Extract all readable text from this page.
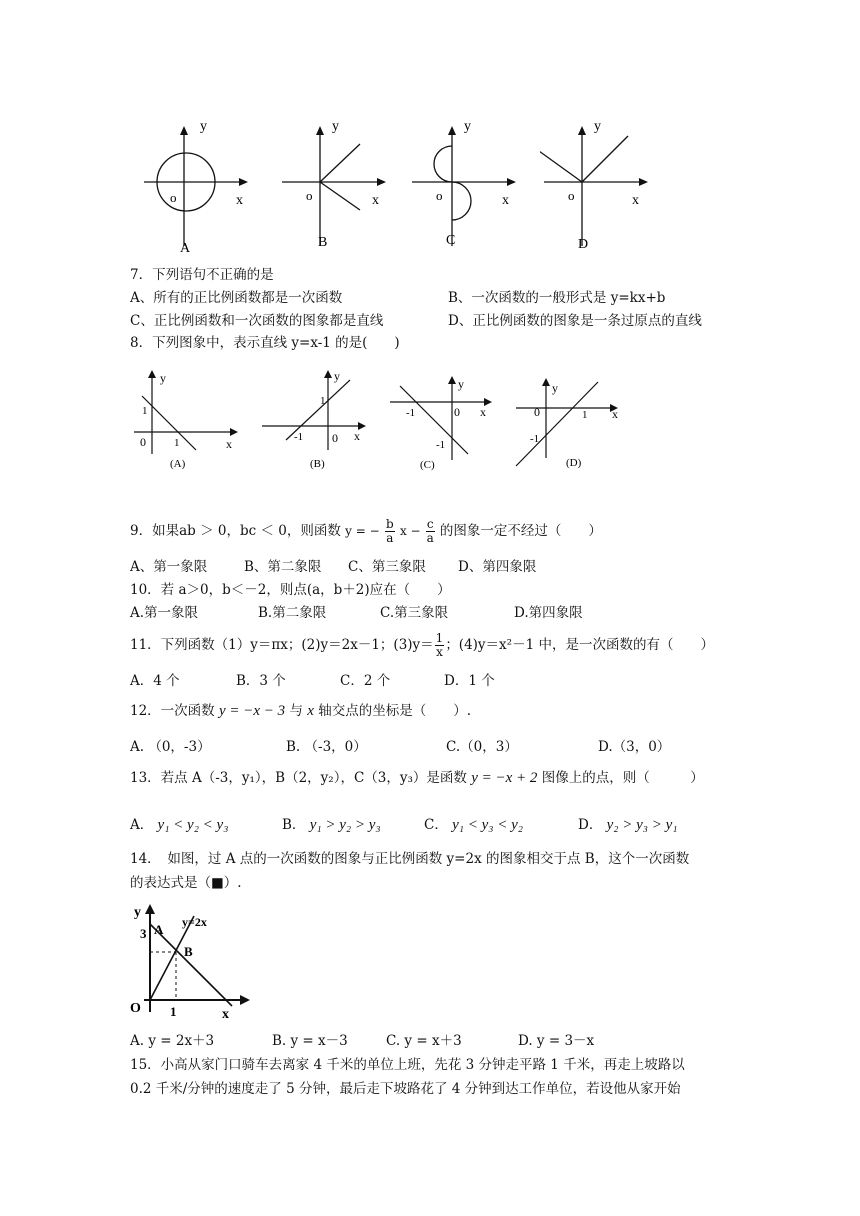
y
x
o
A
y
x
o
B
y
x
o
C
y
x
o
D
7．下列语句不正确的是
A、所有的正比例函数都是一次函数	B、一次函数的一般形式是 y=kx+b
C、正比例函数和一次函数的图象都是直线	D、正比例函数的图象是一条过原点的直线
8．下列图象中，表示直线 y=x-1 的是(　　)
y
x
1
0	1
(A)
y
x
1
-1 0
(B)
y
x
-1	0
-1
(C)
y
x
0	1
-1
(D)
9．如果ab ＞ 0，bc ＜ 0，则函数 y = − $\frac{b}{a}$ $x - \frac{c}{a}$ 的图象一定不经过（　　）
A、第一象限	B、第二象限 C、第三象限 D、第四象限
10．若 a＞0，b＜－2，则点(a，b＋2)应在（　　）
A.第一象限	B.第二象限	C.第三象限	D.第四象限
11．下列函数（1）y＝πx；(2)y＝2x－1；$(3)y= \frac{1}{x}$ ；(4)y＝x²－1 中，是一次函数的有（　　）
A．4 个	B．3 个	C．2 个	D．1 个
12．一次函数 y = −x − 3 与 x 轴交点的坐标是（　　）.
A. （0，-3）	B. （-3，0）	C.（0，3）	D.（3，0）
13．若点 A（-3，y₁），B（2，y₂），C（3，y₃）是函数 y = −x + 2 图像上的点，则（　　　）
A． y₁ < y₂ < y₃	B． y₁ > y₂ > y₃	C． y₁ < y₃ < y₂	D． y₂ > y₃ > y₁
14．　如图，过 A 点的一次函数的图象与正比例函数 y=2x 的图象相交于点 B，这个一次函数
的表达式是（■）.
y
x
O
3
1
A
B
y=2x
A. y = 2x＋3	B. y = x－3	C. y = x＋3	D. y = 3－x
15．小高从家门口骑车去离家 4 千米的单位上班，先花 3 分钟走平路 1 千米，再走上坡路以
0.2 千米/分钟的速度走了 5 分钟，最后走下坡路花了 4 分钟到达工作单位，若设他从家开始
